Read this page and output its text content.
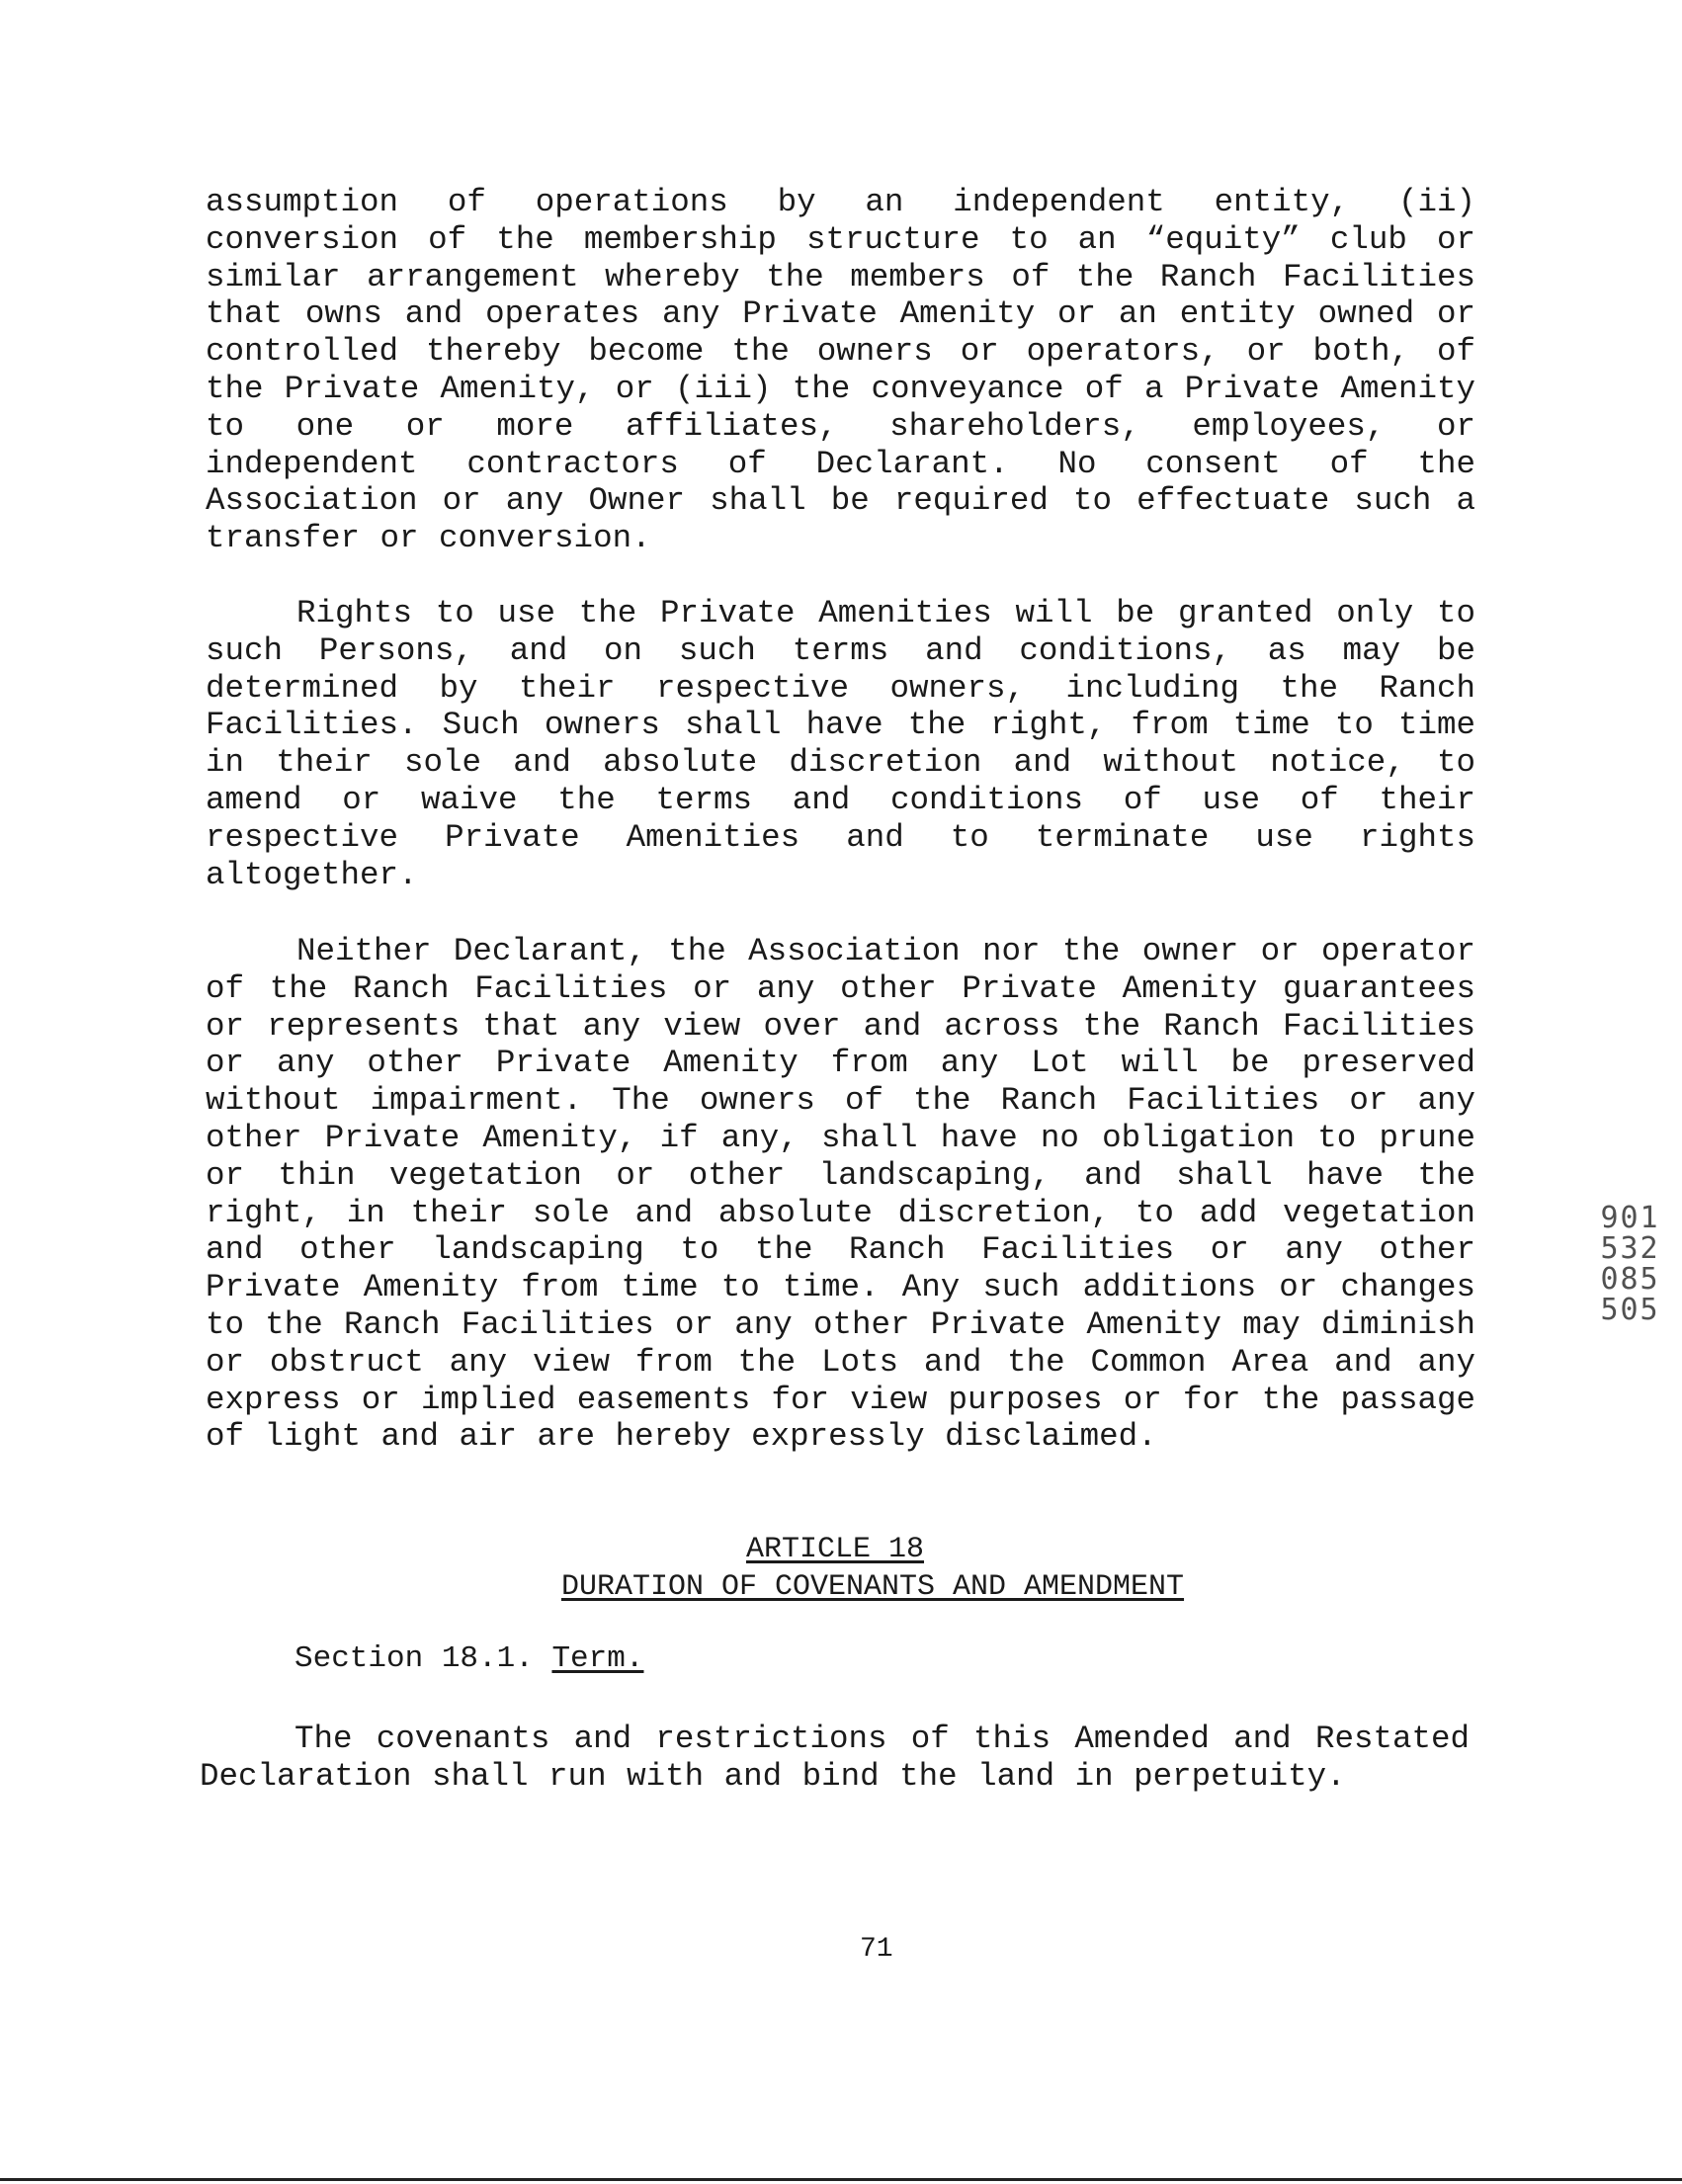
assumption of operations by an independent entity, (ii) conversion of the membership structure to an “equity” club or similar arrangement whereby the members of the Ranch Facilities that owns and operates any Private Amenity or an entity owned or controlled thereby become the owners or operators, or both, of the Private Amenity, or (iii) the conveyance of a Private Amenity to one or more affiliates, shareholders, employees, or independent contractors of Declarant. No consent of the Association or any Owner shall be required to effectuate such a transfer or conversion.

Rights to use the Private Amenities will be granted only to such Persons, and on such terms and conditions, as may be determined by their respective owners, including the Ranch Facilities. Such owners shall have the right, from time to time in their sole and absolute discretion and without notice, to amend or waive the terms and conditions of use of their respective Private Amenities and to terminate use rights altogether.

Neither Declarant, the Association nor the owner or operator of the Ranch Facilities or any other Private Amenity guarantees or represents that any view over and across the Ranch Facilities or any other Private Amenity from any Lot will be preserved without impairment. The owners of the Ranch Facilities or any other Private Amenity, if any, shall have no obligation to prune or thin vegetation or other landscaping, and shall have the right, in their sole and absolute discretion, to add vegetation and other landscaping to the Ranch Facilities or any other Private Amenity from time to time. Any such additions or changes to the Ranch Facilities or any other Private Amenity may diminish or obstruct any view from the Lots and the Common Area and any express or implied easements for view purposes or for the passage of light and air are hereby expressly disclaimed.

ARTICLE 18
DURATION OF COVENANTS AND AMENDMENT
Section 18.1. Term.

The covenants and restrictions of this Amended and Restated Declaration shall run with and bind the land in perpetuity.

71
1255 0380 9505
